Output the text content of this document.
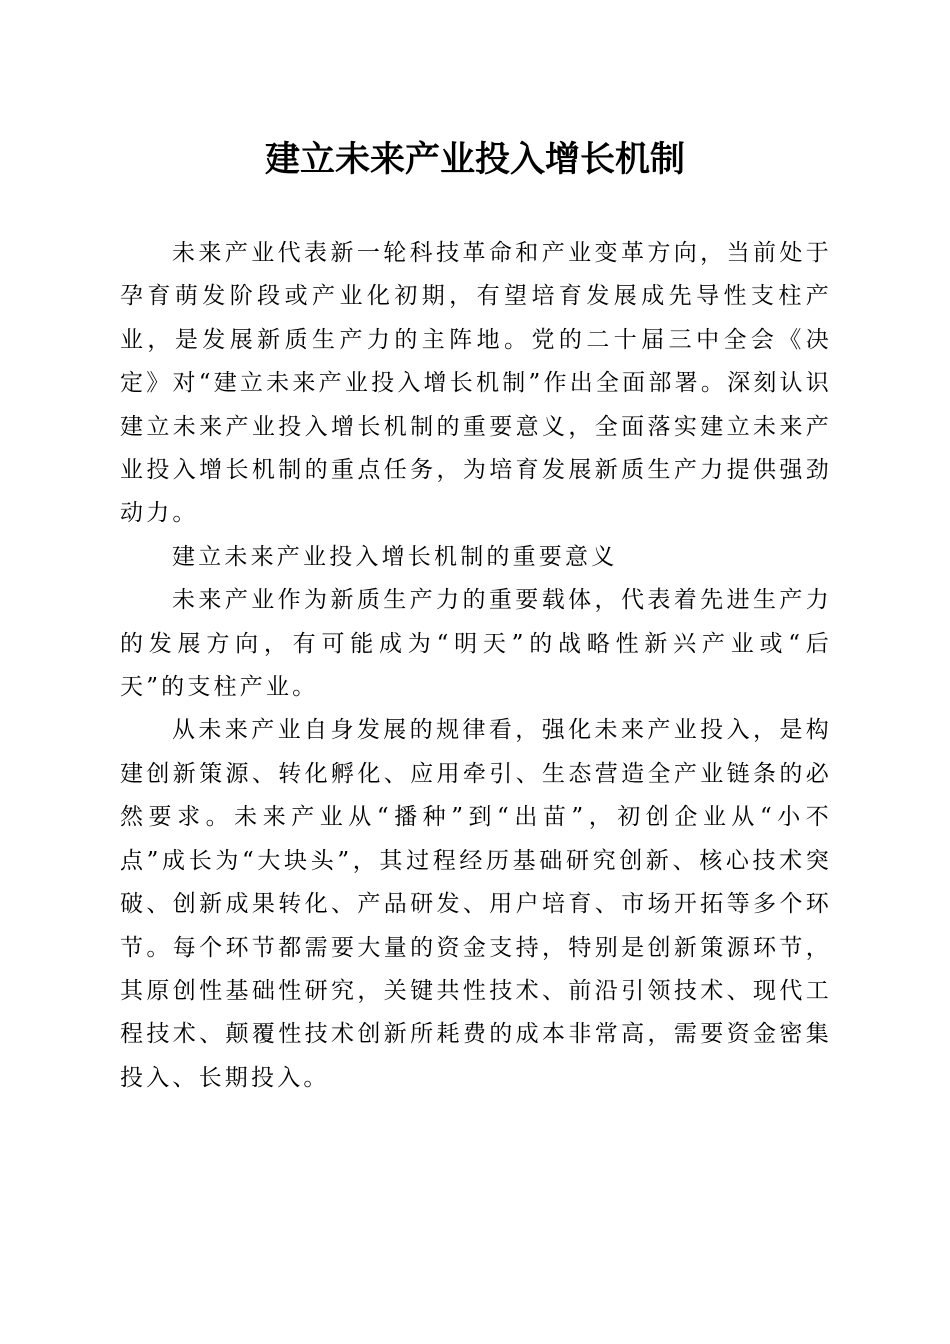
建立未来产业投入增长机制

未来产业代表新一轮科技革命和产业变革方向，当前处于孕育萌发阶段或产业化初期，有望培育发展成先导性支柱产业，是发展新质生产力的主阵地。党的二十届三中全会《决定》对“建立未来产业投入增长机制”作出全面部署。深刻认识建立未来产业投入增长机制的重要意义，全面落实建立未来产业投入增长机制的重点任务，为培育发展新质生产力提供强劲动力。

建立未来产业投入增长机制的重要意义

未来产业作为新质生产力的重要载体，代表着先进生产力的发展方向，有可能成为“明天”的战略性新兴产业或“后天”的支柱产业。

从未来产业自身发展的规律看，强化未来产业投入，是构建创新策源、转化孵化、应用牵引、生态营造全产业链条的必然要求。未来产业从“播种”到“出苗”，初创企业从“小不点”成长为“大块头”，其过程经历基础研究创新、核心技术突破、创新成果转化、产品研发、用户培育、市场开拓等多个环节。每个环节都需要大量的资金支持，特别是创新策源环节，其原创性基础性研究，关键共性技术、前沿引领技术、现代工程技术、颠覆性技术创新所耗费的成本非常高，需要资金密集投入、长期投入。
